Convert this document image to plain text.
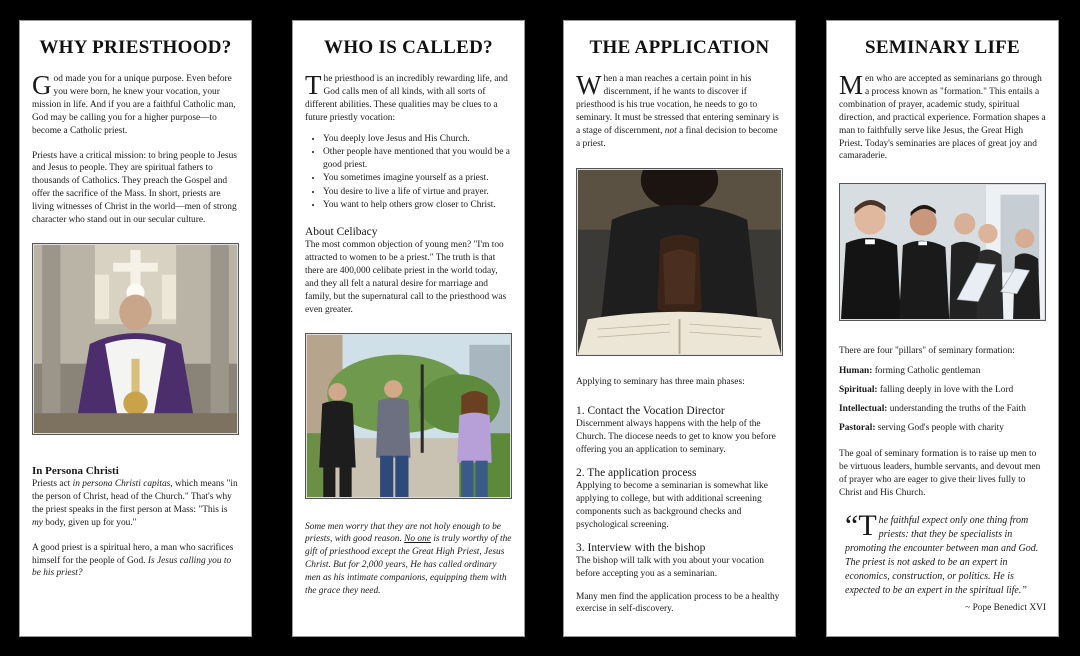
WHY PRIESTHOOD?

God made you for a unique purpose. Even before you were born, he knew your vocation, your mission in life. And if you are a faithful Catholic man, God may be calling you for a higher purpose—to become a Catholic priest.

Priests have a critical mission: to bring people to Jesus and Jesus to people. They are spiritual fathers to thousands of Catholics. They preach the Gospel and offer the sacrifice of the Mass. In short, priests are living witnesses of Christ in the world—men of strong character who stand out in our secular culture.

In Persona Christi

Priests act in persona Christi capitas, which means "in the person of Christ, head of the Church." That's why the priest speaks in the first person at Mass: "This is my body, given up for you."

A good priest is a spiritual hero, a man who sacrifices himself for the people of God. Is Jesus calling you to be his priest?

WHO IS CALLED?

The priesthood is an incredibly rewarding life, and God calls men of all kinds, with all sorts of different abilities. These qualities may be clues to a future priestly vocation:

• You deeply love Jesus and His Church.
• Other people have mentioned that you would be a good priest.
• You sometimes imagine yourself as a priest.
• You desire to live a life of virtue and prayer.
• You want to help others grow closer to Christ.
About Celibacy

The most common objection of young men? "I'm too attracted to women to be a priest." The truth is that there are 400,000 celibate priest in the world today, and they all felt a natural desire for marriage and family, but the supernatural call to the priesthood was even greater.

Some men worry that they are not holy enough to be priests, with good reason. No one is truly worthy of the gift of priesthood except the Great High Priest, Jesus Christ. But for 2,000 years, He has called ordinary men as his intimate companions, equipping them with the grace they need.

THE APPLICATION

When a man reaches a certain point in his discernment, if he wants to discover if priesthood is his true vocation, he needs to go to seminary. It must be stressed that entering seminary is a stage of discernment, not a final decision to become a priest.

Applying to seminary has three main phases:

1. Contact the Vocation Director

Discernment always happens with the help of the Church. The diocese needs to get to know you before offering you an application to seminary.

2. The application process

Applying to become a seminarian is somewhat like applying to college, but with additional screening components such as background checks and psychological screening.

3. Interview with the bishop

The bishop will talk with you about your vocation before accepting you as a seminarian.

Many men find the application process to be a healthy exercise in self-discovery.

SEMINARY LIFE

Men who are accepted as seminarians go through a process known as "formation." This entails a combination of prayer, academic study, spiritual direction, and practical experience. Formation shapes a man to faithfully serve like Jesus, the Great High Priest. Today's seminaries are places of great joy and camaraderie.

There are four "pillars" of seminary formation:

Human: forming Catholic gentleman

Spiritual: falling deeply in love with the Lord

Intellectual: understanding the truths of the Faith

Pastoral: serving God's people with charity

The goal of seminary formation is to raise up men to be virtuous leaders, humble servants, and devout men of prayer who are eager to give their lives fully to Christ and His Church.

“T he faithful expect only one thing from priests: that they be specialists in promoting the encounter between man and God. The priest is not asked to be an expert in economics, construction, or politics. He is expected to be an expert in the spiritual life.”

~ Pope Benedict XVI
